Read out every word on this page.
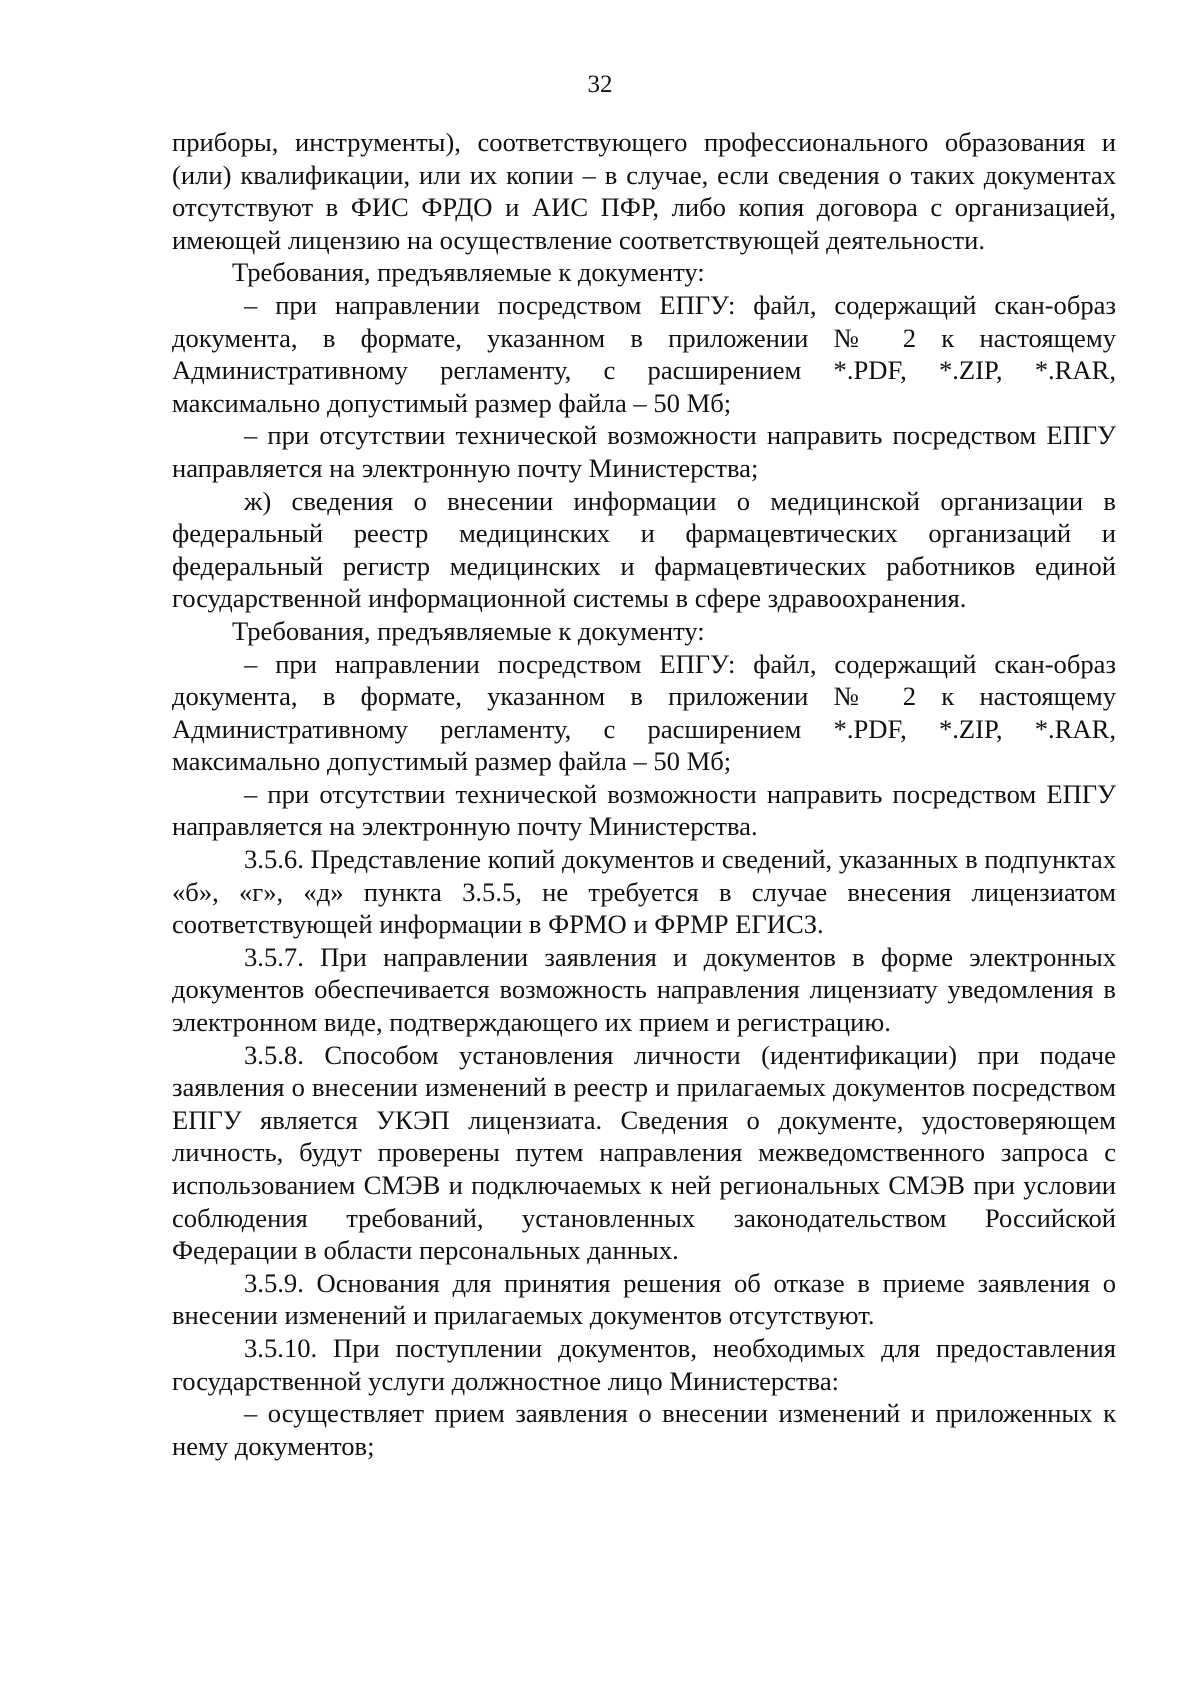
32

приборы, инструменты), соответствующего профессионального образования и (или) квалификации, или их копии – в случае, если сведения о таких документах отсутствуют в ФИС ФРДО и АИС ПФР, либо копия договора с организацией, имеющей лицензию на осуществление соответствующей деятельности.

Требования, предъявляемые к документу:

– при направлении посредством ЕПГУ: файл, содержащий скан-образ документа, в формате, указанном в приложении № 2 к настоящему Административному регламенту, с расширением *.PDF, *.ZIP, *.RAR, максимально допустимый размер файла – 50 Мб;

– при отсутствии технической возможности направить посредством ЕПГУ направляется на электронную почту Министерства;

ж) сведения о внесении информации о медицинской организации в федеральный реестр медицинских и фармацевтических организаций и федеральный регистр медицинских и фармацевтических работников единой государственной информационной системы в сфере здравоохранения.

Требования, предъявляемые к документу:

– при направлении посредством ЕПГУ: файл, содержащий скан-образ документа, в формате, указанном в приложении № 2 к настоящему Административному регламенту, с расширением *.PDF, *.ZIP, *.RAR, максимально допустимый размер файла – 50 Мб;

– при отсутствии технической возможности направить посредством ЕПГУ направляется на электронную почту Министерства.

3.5.6. Представление копий документов и сведений, указанных в подпунктах «б», «г», «д» пункта 3.5.5, не требуется в случае внесения лицензиатом соответствующей информации в ФРМО и ФРМР ЕГИСЗ.

3.5.7. При направлении заявления и документов в форме электронных документов обеспечивается возможность направления лицензиату уведомления в электронном виде, подтверждающего их прием и регистрацию.

3.5.8. Способом установления личности (идентификации) при подаче заявления о внесении изменений в реестр и прилагаемых документов посредством ЕПГУ является УКЭП лицензиата. Сведения о документе, удостоверяющем личность, будут проверены путем направления межведомственного запроса с использованием СМЭВ и подключаемых к ней региональных СМЭВ при условии соблюдения требований, установленных законодательством Российской Федерации в области персональных данных.

3.5.9. Основания для принятия решения об отказе в приеме заявления о внесении изменений и прилагаемых документов отсутствуют.

3.5.10. При поступлении документов, необходимых для предоставления государственной услуги должностное лицо Министерства:

– осуществляет прием заявления о внесении изменений и приложенных к нему документов;
